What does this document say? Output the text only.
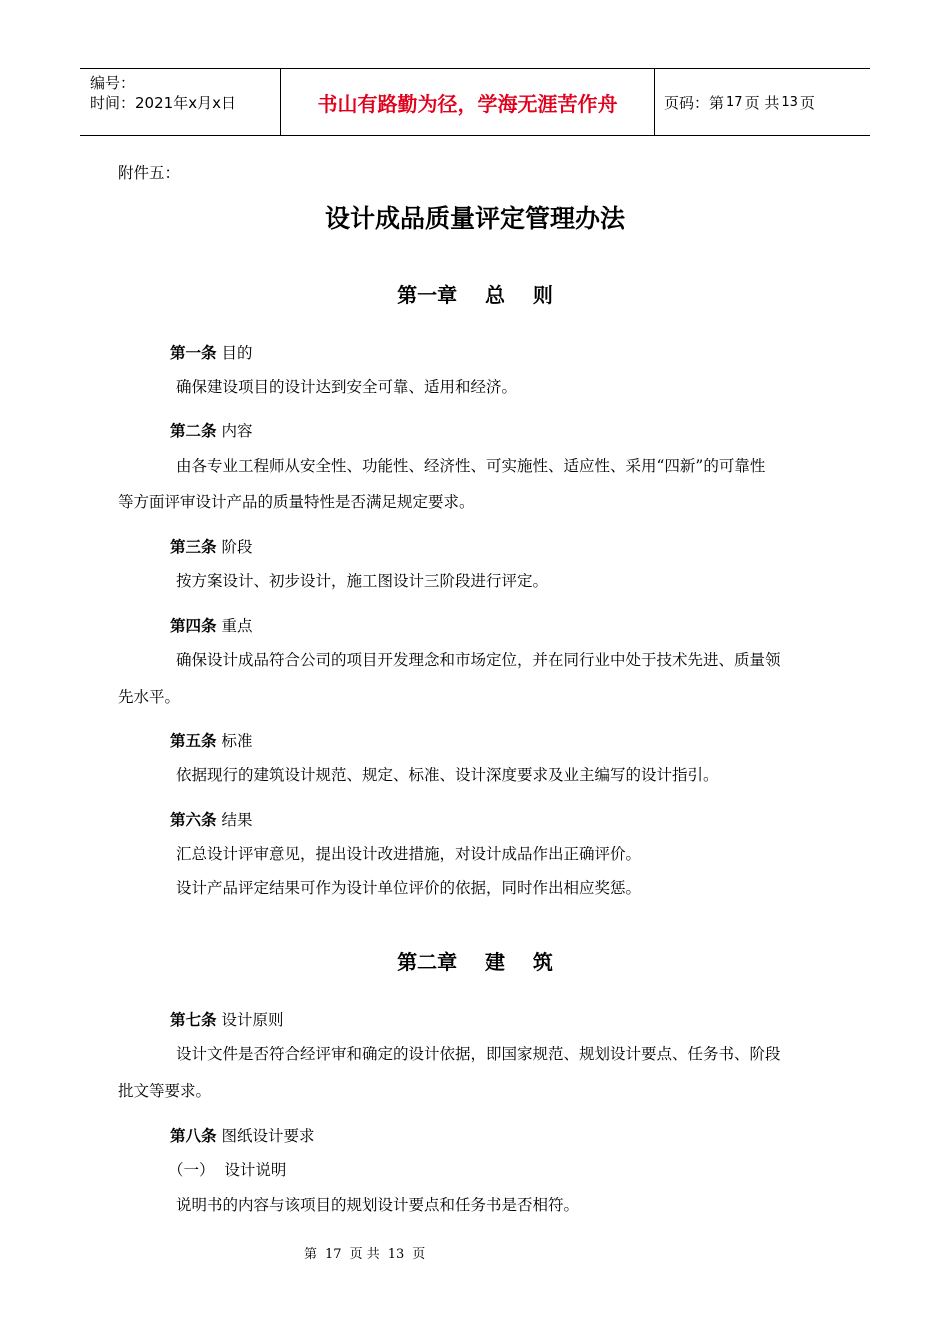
编号：
时间：2021年x月x日	书山有路勤为径，学海无涯苦作舟	页码：第 17 页 共 13 页
附件五：
设计成品质量评定管理办法
第一章    总    则
第一条 目的
确保建设项目的设计达到安全可靠、适用和经济。
第二条 内容
由各专业工程师从安全性、功能性、经济性、可实施性、适应性、采用“四新”的可靠性
等方面评审设计产品的质量特性是否满足规定要求。
第三条 阶段
按方案设计、初步设计，施工图设计三阶段进行评定。
第四条 重点
确保设计成品符合公司的项目开发理念和市场定位，并在同行业中处于技术先进、质量领
先水平。
第五条 标准
依据现行的建筑设计规范、规定、标准、设计深度要求及业主编写的设计指引。
第六条 结果
汇总设计评审意见，提出设计改进措施，对设计成品作出正确评价。
设计产品评定结果可作为设计单位评价的依据，同时作出相应奖惩。
第二章    建    筑
第七条 设计原则
设计文件是否符合经评审和确定的设计依据，即国家规范、规划设计要点、任务书、阶段
批文等要求。
第八条 图纸设计要求
（一）  设计说明
说明书的内容与该项目的规划设计要点和任务书是否相符。
第 17 页 共 13 页
